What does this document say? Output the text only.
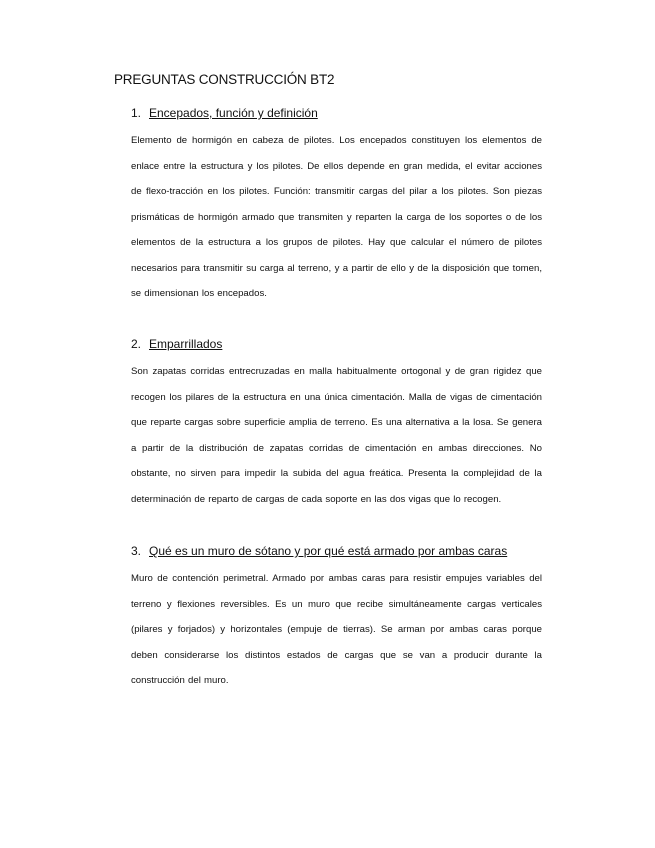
PREGUNTAS CONSTRUCCIÓN BT2
1. Encepados, función y definición
Elemento de hormigón en cabeza de pilotes. Los encepados constituyen los elementos de enlace entre la estructura y los pilotes. De ellos depende en gran medida, el evitar acciones de flexo-tracción en los pilotes. Función: transmitir cargas del pilar a los pilotes. Son piezas prismáticas de hormigón armado que transmiten y reparten la carga de los soportes o de los elementos de la estructura a los grupos de pilotes. Hay que calcular el número de pilotes necesarios para transmitir su carga al terreno, y a partir de ello y de la disposición que tomen, se dimensionan los encepados.
2. Emparrillados
Son zapatas corridas entrecruzadas en malla habitualmente ortogonal y de gran rigidez que recogen los pilares de la estructura en una única cimentación. Malla de vigas de cimentación que reparte cargas sobre superficie amplia de terreno. Es una alternativa a la losa. Se genera a partir de la distribución de zapatas corridas de cimentación en ambas direcciones. No obstante, no sirven para impedir la subida del agua freática. Presenta la complejidad de la determinación de reparto de cargas de cada soporte en las dos vigas que lo recogen.
3. Qué es un muro de sótano y por qué está armado por ambas caras
Muro de contención perimetral. Armado por ambas caras para resistir empujes variables del terreno y flexiones reversibles. Es un muro que recibe simultáneamente cargas verticales (pilares y forjados) y horizontales (empuje de tierras). Se arman por ambas caras porque deben considerarse los distintos estados de cargas que se van a producir durante la construcción del muro.
